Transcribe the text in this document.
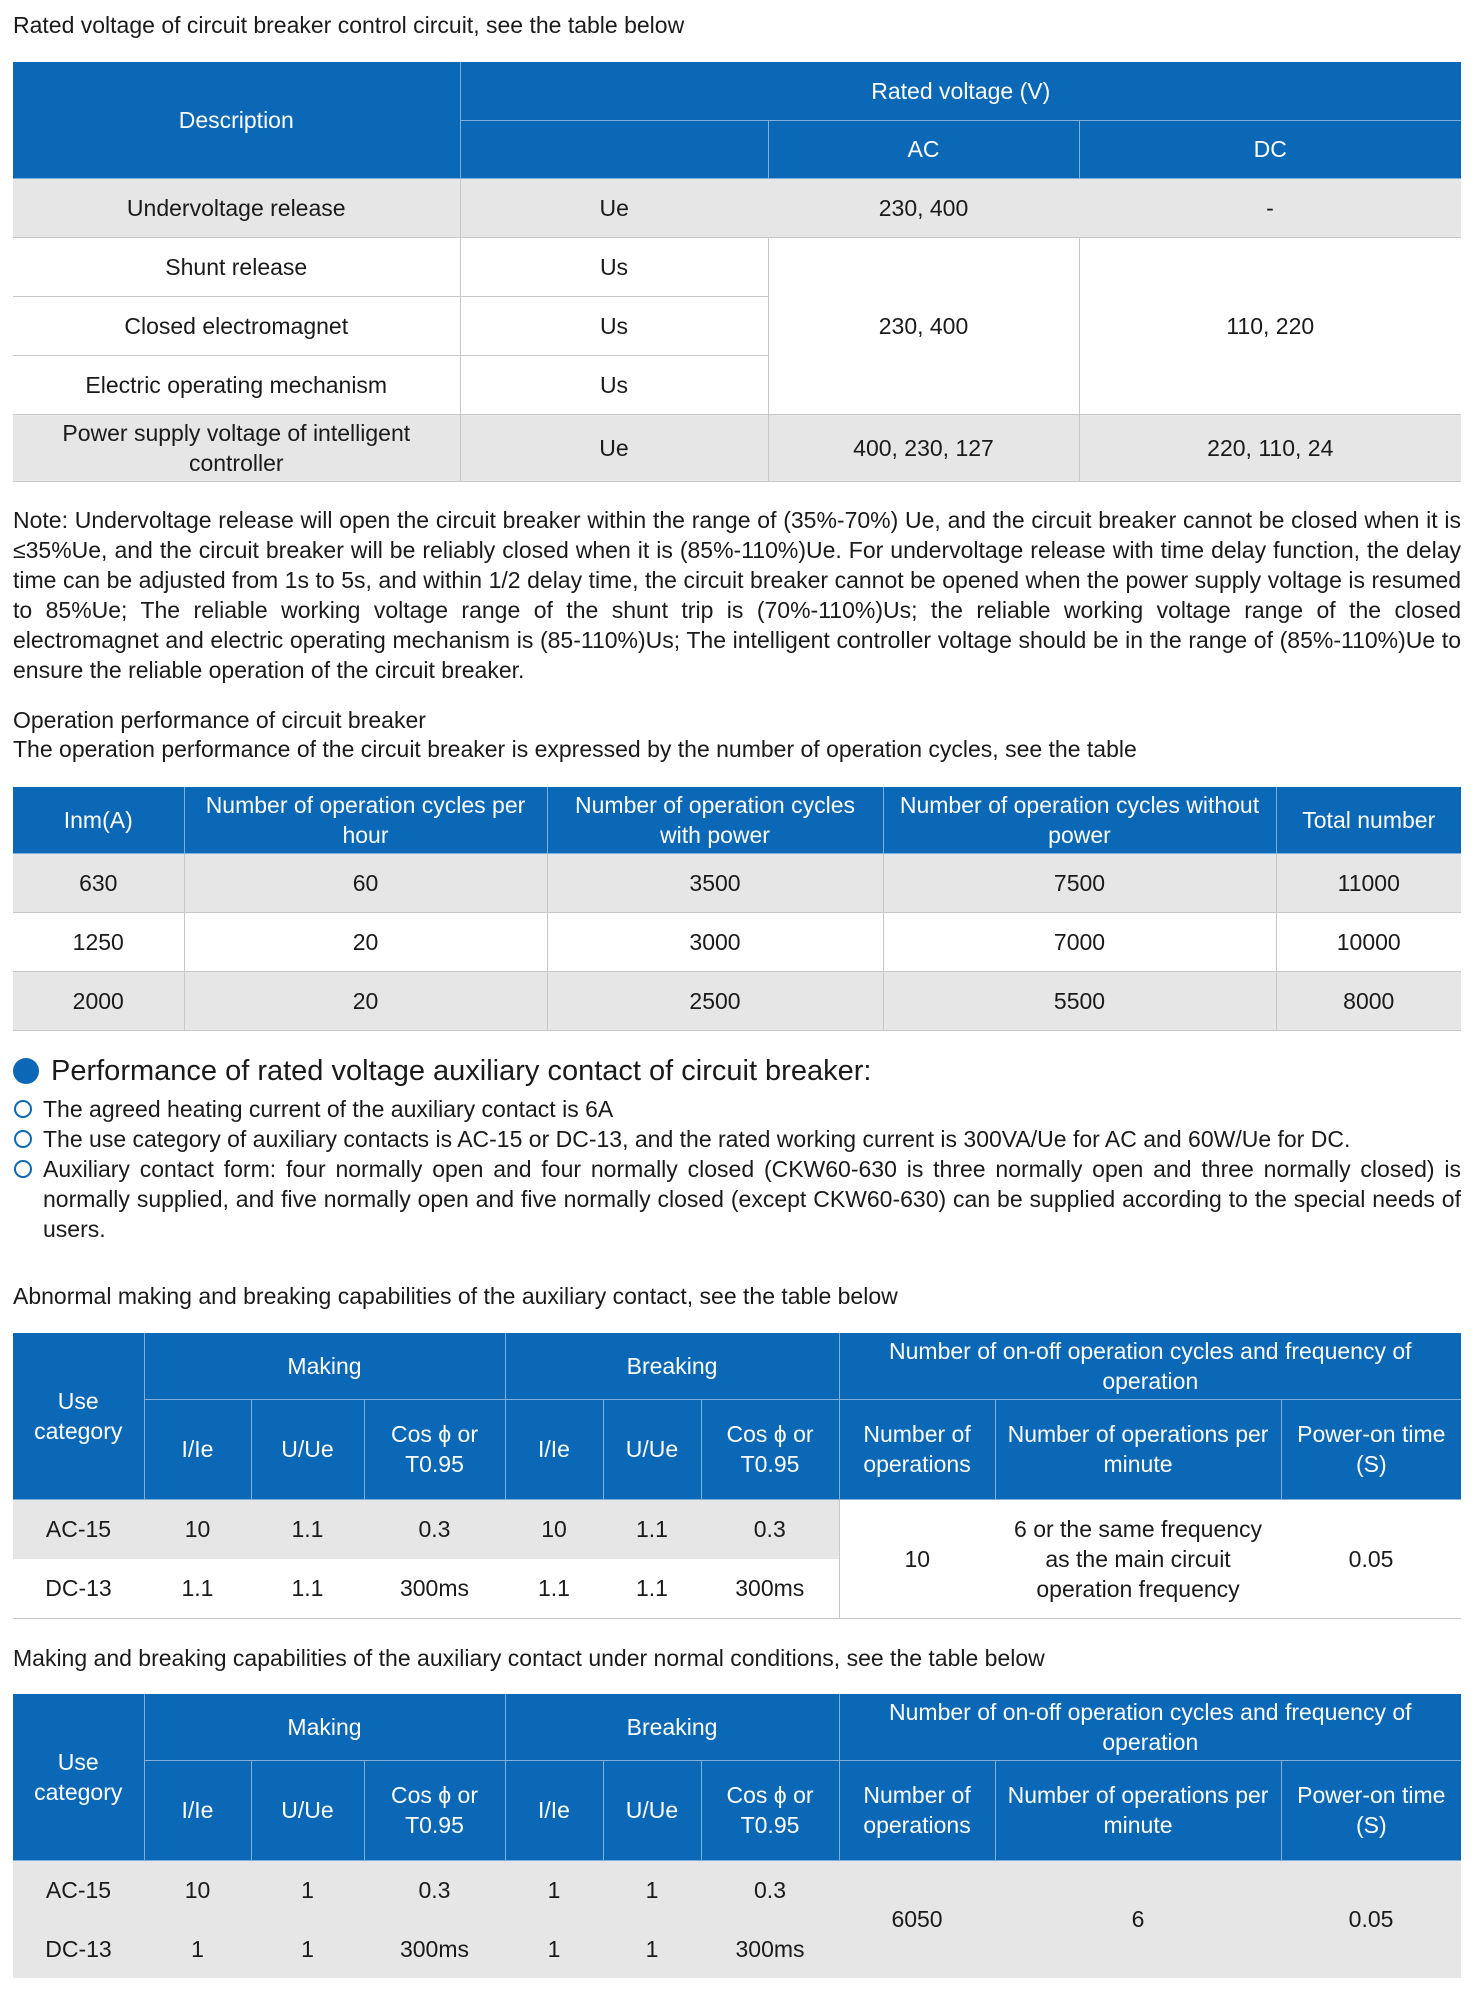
Rated voltage of circuit breaker control circuit, see the table below
Description	Rated voltage (V)		
		AC	DC
Undervoltage release	Ue	230, 400	-
Shunt release	Us	230, 400	110, 220
Closed electromagnet	Us		
Electric operating mechanism	Us		
Power supply voltage of intelligent controller	Ue	400, 230, 127	220, 110, 24
Note: Undervoltage release will open the circuit breaker within the range of (35%-70%) Ue, and the circuit breaker cannot be closed when it is ≤35%Ue, and the circuit breaker will be reliably closed when it is (85%-110%)Ue. For undervoltage release with time delay function, the delay time can be adjusted from 1s to 5s, and within 1/2 delay time, the circuit breaker cannot be opened when the power supply voltage is resumed to 85%Ue; The reliable working voltage range of the shunt trip is (70%-110%)Us; the reliable working voltage range of the closed electromagnet and electric operating mechanism is (85-110%)Us; The intelligent controller voltage should be in the range of (85%-110%)Ue to ensure the reliable operation of the circuit breaker.
Operation performance of circuit breaker
The operation performance of the circuit breaker is expressed by the number of operation cycles, see the table
Inm(A)	Number of operation cycles per hour	Number of operation cycles with power	Number of operation cycles without power	Total number
630	60	3500	7500	11000
1250	20	3000	7000	10000
2000	20	2500	5500	8000
Performance of rated voltage auxiliary contact of circuit breaker:
The agreed heating current of the auxiliary contact is 6A
The use category of auxiliary contacts is AC-15 or DC-13, and the rated working current is 300VA/Ue for AC and 60W/Ue for DC.
Auxiliary contact form: four normally open and four normally closed (CKW60-630 is three normally open and three normally closed) is normally supplied, and five normally open and five normally closed (except CKW60-630) can be supplied according to the special needs of users.
Abnormal making and breaking capabilities of the auxiliary contact, see the table below
Use category	Making			Breaking			Number of on-off operation cycles and frequency of operation		
	I/Ie	U/Ue	Cos ϕ or T0.95	I/Ie	U/Ue	Cos ϕ or T0.95	Number of operations	Number of operations per minute	Power-on time (S)
AC-15	10	1.1	0.3	10	1.1	0.3	10	6 or the same frequency as the main circuit operation frequency	0.05
DC-13	1.1	1.1	300ms	1.1	1.1	300ms			
Making and breaking capabilities of the auxiliary contact under normal conditions, see the table below
Use category	Making			Breaking			Number of on-off operation cycles and frequency of operation		
	I/Ie	U/Ue	Cos ϕ or T0.95	I/Ie	U/Ue	Cos ϕ or T0.95	Number of operations	Number of operations per minute	Power-on time (S)
AC-15	10	1	0.3	1	1	0.3	6050	6	0.05
DC-13	1	1	300ms	1	1	300ms			
